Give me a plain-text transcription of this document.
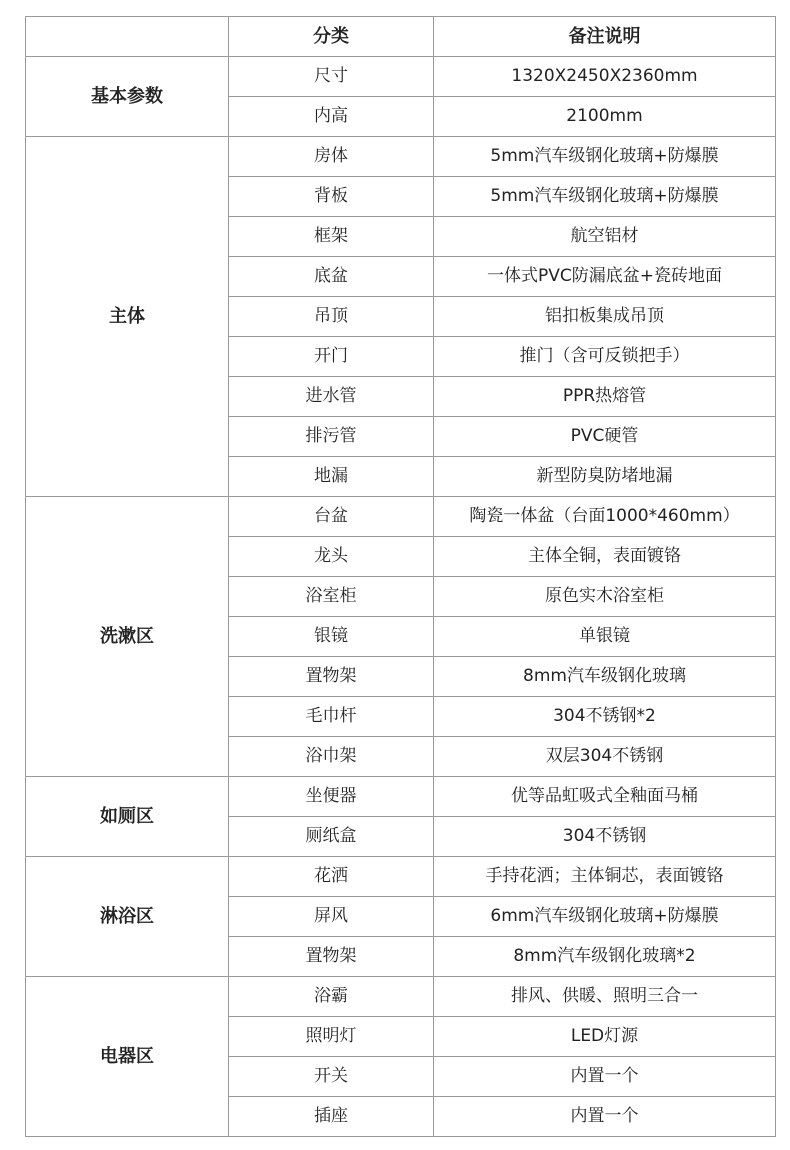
	分类	备注说明
基本参数	尺寸	1320X2450X2360mm
	内高	2100mm
主体	房体	5mm汽车级钢化玻璃+防爆膜
	背板	5mm汽车级钢化玻璃+防爆膜
	框架	航空铝材
	底盆	一体式PVC防漏底盆+瓷砖地面
	吊顶	铝扣板集成吊顶
	开门	推门（含可反锁把手）
	进水管	PPR热熔管
	排污管	PVC硬管
	地漏	新型防臭防堵地漏
洗漱区	台盆	陶瓷一体盆（台面1000*460mm）
	龙头	主体全铜，表面镀铬
	浴室柜	原色实木浴室柜
	银镜	单银镜
	置物架	8mm汽车级钢化玻璃
	毛巾杆	304不锈钢*2
	浴巾架	双层304不锈钢
如厕区	坐便器	优等品虹吸式全釉面马桶
	厕纸盒	304不锈钢
淋浴区	花洒	手持花洒；主体铜芯，表面镀铬
	屏风	6mm汽车级钢化玻璃+防爆膜
	置物架	8mm汽车级钢化玻璃*2
电器区	浴霸	排风、供暖、照明三合一
	照明灯	LED灯源
	开关	内置一个
	插座	内置一个
